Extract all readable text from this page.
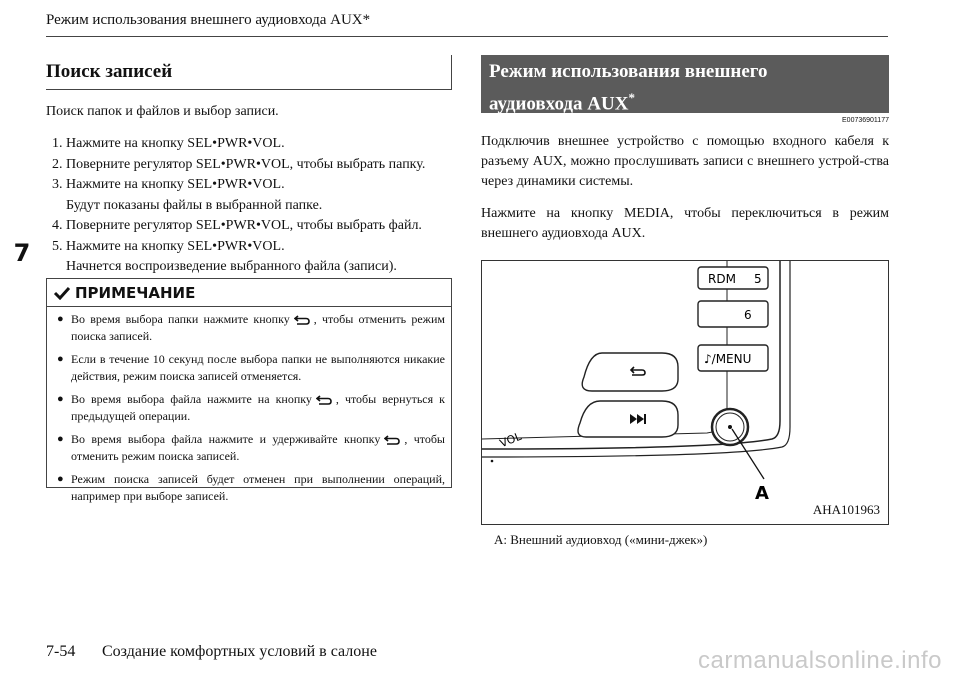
Режим использования внешнего аудиовхода AUX*
7
Поиск записей
Поиск папок и файлов и выбор записи.
1. Нажмите на кнопку SEL•PWR•VOL.
2. Поверните регулятор SEL•PWR•VOL, чтобы выбрать папку.
3. Нажмите на кнопку SEL•PWR•VOL.
Будут показаны файлы в выбранной папке.
4. Поверните регулятор SEL•PWR•VOL, чтобы выбрать файл.
5. Нажмите на кнопку SEL•PWR•VOL.
Начнется воспроизведение выбранного файла (записи).
ПРИМЕЧАНИЕ
● Во время выбора папки нажмите кнопку , чтобы отменить режим поиска записей.
● Если в течение 10 секунд после выбора папки не выполняются никакие действия, режим поиска записей отменяется.
● Во время выбора файла нажмите на кнопку , чтобы вернуться к предыдущей операции.
● Во время выбора файла нажмите и удерживайте кнопку , чтобы отменить режим поиска записей.
● Режим поиска записей будет отменен при выполнении операций, например при выборе записей.
Режим использования внешнего
аудиовхода AUX*
E00736901177
Подключив внешнее устройство с помощью входного кабеля к разъему AUX, можно прослушивать записи с внешнего устрой-ства через динамики системы.
Нажмите на кнопку MEDIA, чтобы переключиться в режим внешнего аудиовхода AUX.
RDM 5
6
♪/MENU
VOL
A
AHA101963
A: Внешний аудиовход («мини-джек»)
7-54 Создание комфортных условий в салоне	carmanualsonline.info
